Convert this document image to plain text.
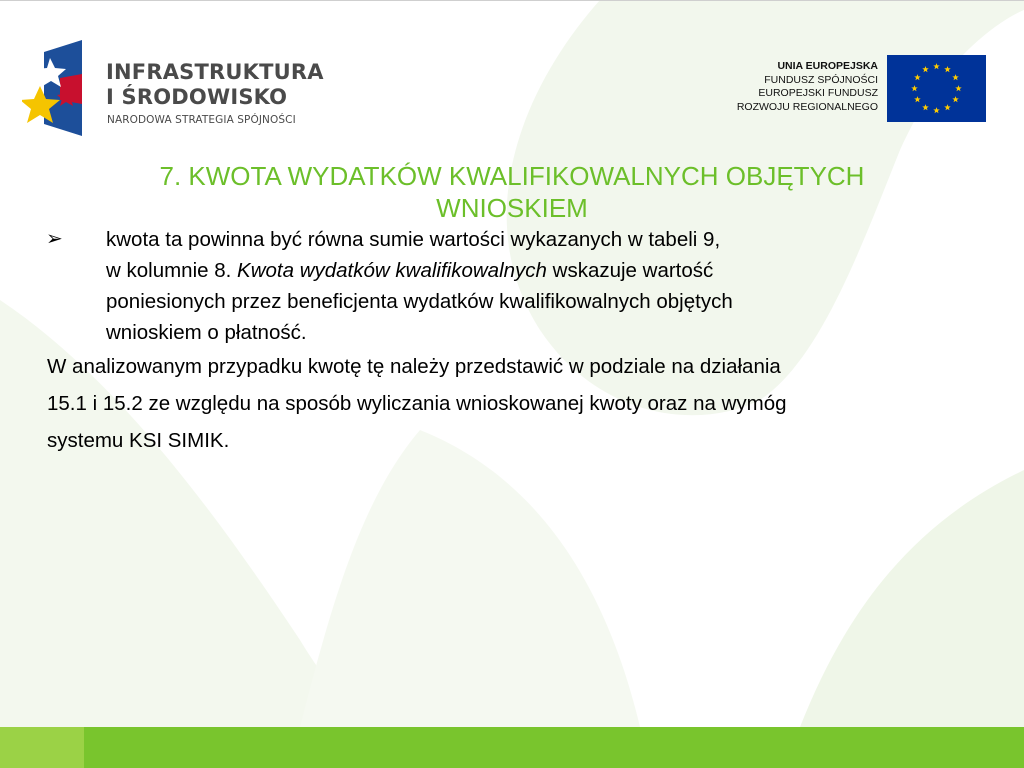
INFRASTRUKTURA
I ŚRODOWISKO
NARODOWA STRATEGIA SPÓJNOŚCI
UNIA EUROPEJSKA
FUNDUSZ SPÓJNOŚCI
EUROPEJSKI FUNDUSZ
ROZWOJU REGIONALNEGO
7. KWOTA WYDATKÓW KWALIFIKOWALNYCH OBJĘTYCH
WNIOSKIEM
➢ kwota ta powinna być równa sumie wartości wykazanych w tabeli 9,
w kolumnie 8. Kwota wydatków kwalifikowalnych wskazuje wartość
poniesionych przez beneficjenta wydatków kwalifikowalnych objętych
wnioskiem o płatność.
W analizowanym przypadku kwotę tę należy przedstawić w podziale na działania
15.1 i 15.2 ze względu na sposób wyliczania wnioskowanej kwoty oraz na wymóg
systemu KSI SIMIK.
